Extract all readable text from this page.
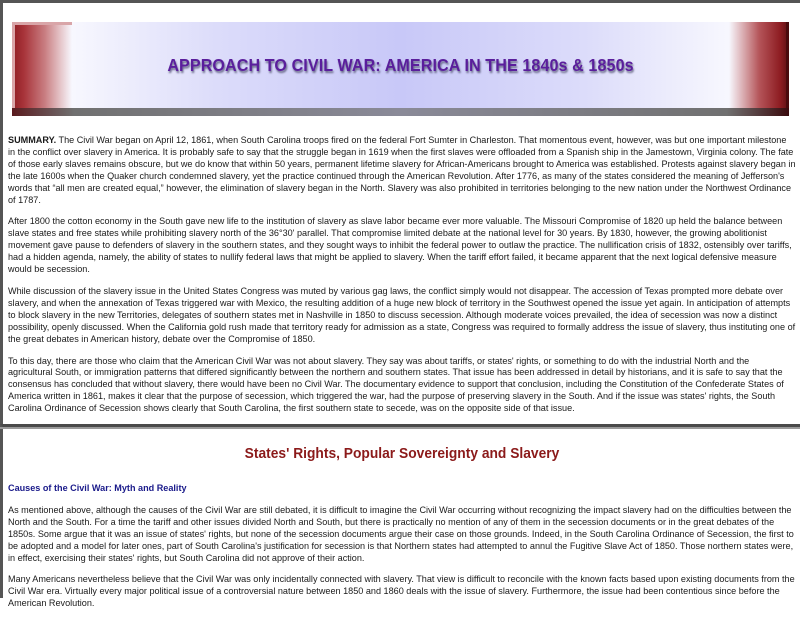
APPROACH TO CIVIL WAR: AMERICA IN THE 1840s & 1850s

SUMMARY. The Civil War began on April 12, 1861, when South Carolina troops fired on the federal Fort Sumter in Charleston. That momentous event, however, was but one important milestone in the conflict over slavery in America. It is probably safe to say that the struggle began in 1619 when the first slaves were offloaded from a Spanish ship in the Jamestown, Virginia colony. The fate of those early slaves remains obscure, but we do know that within 50 years, permanent lifetime slavery for African-Americans brought to America was established. Protests against slavery began in the late 1600s when the Quaker church condemned slavery, yet the practice continued through the American Revolution. After 1776, as many of the states considered the meaning of Jefferson's words that “all men are created equal,” however, the elimination of slavery began in the North. Slavery was also prohibited in territories belonging to the new nation under the Northwest Ordinance of 1787.

After 1800 the cotton economy in the South gave new life to the institution of slavery as slave labor became ever more valuable. The Missouri Compromise of 1820 up held the balance between slave states and free states while prohibiting slavery north of the 36°30' parallel. That compromise limited debate at the national level for 30 years. By 1830, however, the growing abolitionist movement gave pause to defenders of slavery in the southern states, and they sought ways to inhibit the federal power to outlaw the practice. The nullification crisis of 1832, ostensibly over tariffs, had a hidden agenda, namely, the ability of states to nullify federal laws that might be applied to slavery. When the tariff effort failed, it became apparent that the next logical defensive measure would be secession.

While discussion of the slavery issue in the United States Congress was muted by various gag laws, the conflict simply would not disappear. The accession of Texas prompted more debate over slavery, and when the annexation of Texas triggered war with Mexico, the resulting addition of a huge new block of territory in the Southwest opened the issue yet again. In anticipation of attempts to block slavery in the new Territories, delegates of southern states met in Nashville in 1850 to discuss secession. Although moderate voices prevailed, the idea of secession was now a distinct possibility, openly discussed. When the California gold rush made that territory ready for admission as a state, Congress was required to formally address the issue of slavery, thus instituting one of the great debates in American history, debate over the Compromise of 1850.

To this day, there are those who claim that the American Civil War was not about slavery. They say was about tariffs, or states' rights, or something to do with the industrial North and the agricultural South, or immigration patterns that differed significantly between the northern and southern states. That issue has been addressed in detail by historians, and it is safe to say that the consensus has concluded that without slavery, there would have been no Civil War. The documentary evidence to support that conclusion, including the Constitution of the Confederate States of America written in 1861, makes it clear that the purpose of secession, which triggered the war, had the purpose of preserving slavery in the South. And if the issue was states' rights, the South Carolina Ordinance of Secession shows clearly that South Carolina, the first southern state to secede, was on the opposite side of that issue.

States' Rights, Popular Sovereignty and Slavery
Causes of the Civil War: Myth and Reality

As mentioned above, although the causes of the Civil War are still debated, it is difficult to imagine the Civil War occurring without recognizing the impact slavery had on the difficulties between the North and the South. For a time the tariff and other issues divided North and South, but there is practically no mention of any of them in the secession documents or in the great debates of the 1850s. Some argue that it was an issue of states' rights, but none of the secession documents argue their case on those grounds. Indeed, in the South Carolina Ordinance of Secession, the first to be adopted and a model for later ones, part of South Carolina's justification for secession is that Northern states had attempted to annul the Fugitive Slave Act of 1850. Those northern states were, in effect, exercising their states' rights, but South Carolina did not approve of their action.

Many Americans nevertheless believe that the Civil War was only incidentally connected with slavery. That view is difficult to reconcile with the known facts based upon existing documents from the Civil War era. Virtually every major political issue of a controversial nature between 1850 and 1860 deals with the issue of slavery. Furthermore, the issue had been contentious since before the American Revolution.
